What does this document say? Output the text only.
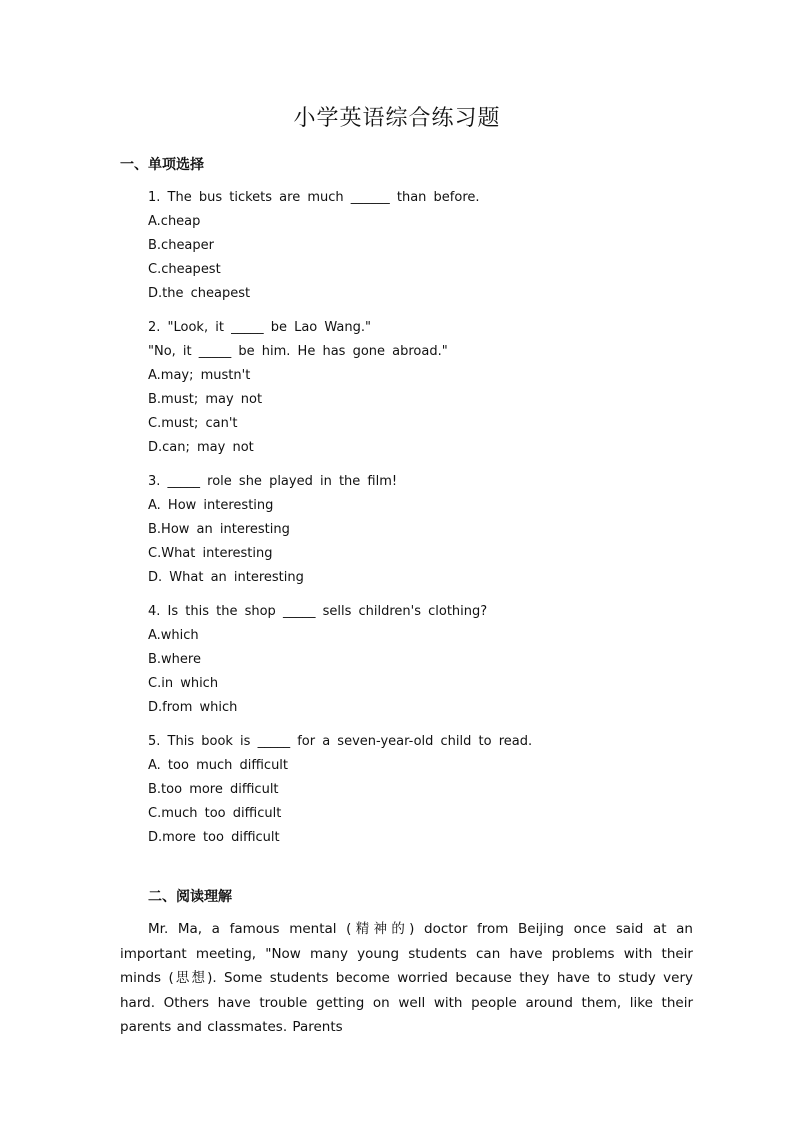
小学英语综合练习题
一、单项选择
1. The bus tickets are much ______ than before.
A.cheap
B.cheaper
C.cheapest
D.the cheapest
2. "Look, it _____ be Lao Wang."
"No, it _____ be him. He has gone abroad."
A.may; mustn't
B.must; may not
C.must; can't
D.can; may not
3. _____ role she played in the film!
A. How interesting
B.How an interesting
C.What interesting
D. What an interesting
4. Is this the shop _____ sells children's clothing?
A.which
B.where
C.in which
D.from which
5. This book is _____ for a seven-year-old child to read.
A. too much difficult
B.too more difficult
C.much too difficult
D.more too difficult
二、阅读理解
Mr. Ma, a famous mental (精神的) doctor from Beijing once said at an important meeting, "Now many young students can have problems with their minds (思想). Some students become worried because they have to study very hard. Others have trouble getting on well with people around them, like their parents and classmates. Parents
